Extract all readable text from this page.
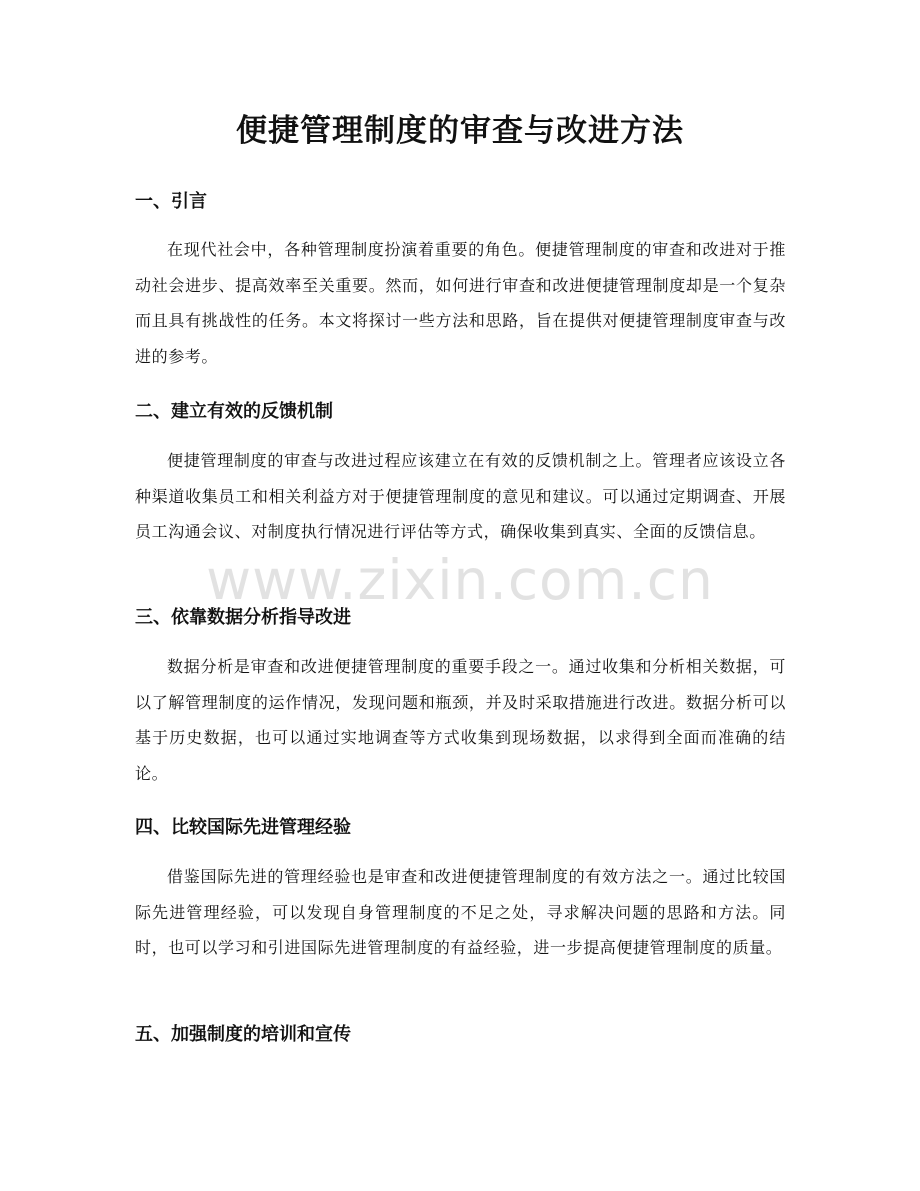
便捷管理制度的审查与改进方法
一、引言

在现代社会中，各种管理制度扮演着重要的角色。便捷管理制度的审查和改进对于推动社会进步、提高效率至关重要。然而，如何进行审查和改进便捷管理制度却是一个复杂而且具有挑战性的任务。本文将探讨一些方法和思路，旨在提供对便捷管理制度审查与改进的参考。

二、建立有效的反馈机制

便捷管理制度的审查与改进过程应该建立在有效的反馈机制之上。管理者应该设立各种渠道收集员工和相关利益方对于便捷管理制度的意见和建议。可以通过定期调查、开展员工沟通会议、对制度执行情况进行评估等方式，确保收集到真实、全面的反馈信息。

三、依靠数据分析指导改进

数据分析是审查和改进便捷管理制度的重要手段之一。通过收集和分析相关数据，可以了解管理制度的运作情况，发现问题和瓶颈，并及时采取措施进行改进。数据分析可以基于历史数据，也可以通过实地调查等方式收集到现场数据，以求得到全面而准确的结论。

四、比较国际先进管理经验

借鉴国际先进的管理经验也是审查和改进便捷管理制度的有效方法之一。通过比较国际先进管理经验，可以发现自身管理制度的不足之处，寻求解决问题的思路和方法。同时，也可以学习和引进国际先进管理制度的有益经验，进一步提高便捷管理制度的质量。

五、加强制度的培训和宣传
www.zixin.com.cn
